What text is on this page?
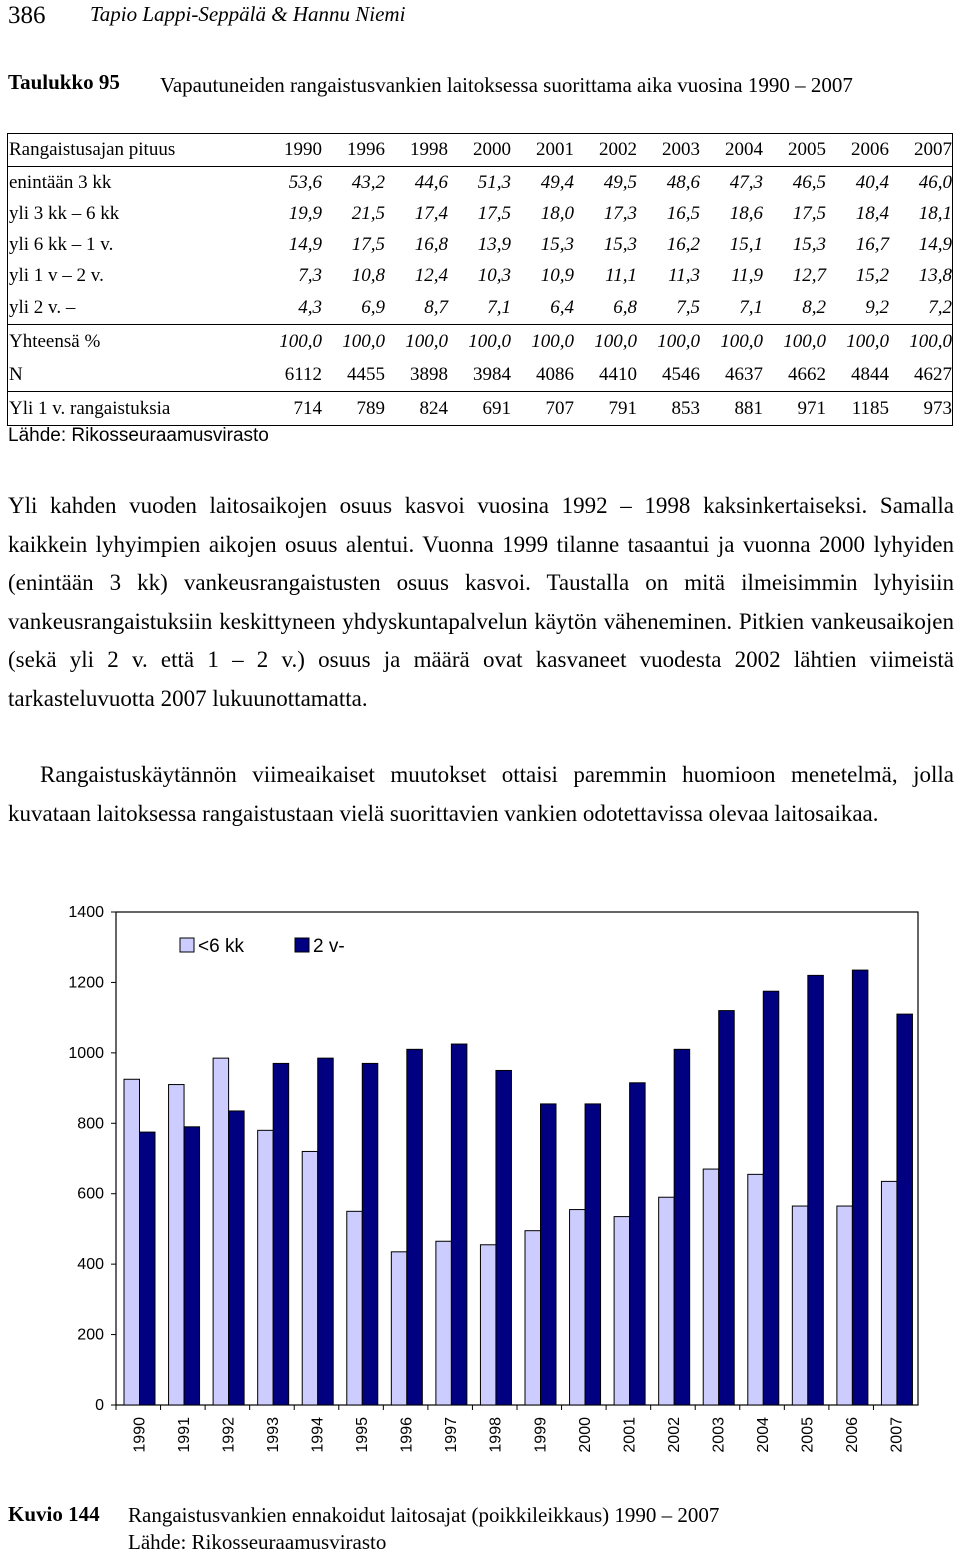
386 Tapio Lappi-Seppälä & Hannu Niemi
Taulukko 95 Vapautuneiden rangaistusvankien laitoksessa suorittama aika vuosina 1990 – 2007
Rangaistusajan pituus	1990	1996	1998	2000	2001	2002	2003	2004	2005	2006	2007
enintään 3 kk	53,6	43,2	44,6	51,3	49,4	49,5	48,6	47,3	46,5	40,4	46,0
yli 3 kk – 6 kk	19,9	21,5	17,4	17,5	18,0	17,3	16,5	18,6	17,5	18,4	18,1
yli 6 kk – 1 v.	14,9	17,5	16,8	13,9	15,3	15,3	16,2	15,1	15,3	16,7	14,9
yli 1 v – 2 v.	7,3	10,8	12,4	10,3	10,9	11,1	11,3	11,9	12,7	15,2	13,8
yli 2 v. –	4,3	6,9	8,7	7,1	6,4	6,8	7,5	7,1	8,2	9,2	7,2
Yhteensä %	100,0	100,0	100,0	100,0	100,0	100,0	100,0	100,0	100,0	100,0	100,0
N	6112	4455	3898	3984	4086	4410	4546	4637	4662	4844	4627
Yli 1 v. rangaistuksia	714	789	824	691	707	791	853	881	971	1185	973
Lähde: Rikosseuraamusvirasto
Yli kahden vuoden laitosaikojen osuus kasvoi vuosina 1992 – 1998 kaksinkertaiseksi. Samalla kaikkein lyhyimpien aikojen osuus alentui. Vuonna 1999 tilanne tasaantui ja vuonna 2000 lyhyiden (enintään 3 kk) vankeusrangaistusten osuus kasvoi. Taustalla on mitä ilmeisimmin lyhyisiin vankeusrangaistuksiin keskittyneen yhdyskuntapalvelun käytön väheneminen. Pitkien vankeusaikojen (sekä yli 2 v. että 1 – 2 v.) osuus ja määrä ovat kasvaneet vuodesta 2002 lähtien viimeistä tarkasteluvuotta 2007 lukuunottamatta.
Rangaistuskäytännön viimeaikaiset muutokset ottaisi paremmin huomioon menetelmä, jolla kuvataan laitoksessa rangaistustaan vielä suorittavien vankien odotettavissa olevaa laitosaikaa.
0
200
400
600
800
1000
1200
1400
1990 1991 1992 1993 1994 1995 1996 1997 1998 1999 2000 2001 2002 2003 2004 2005 2006 2007
<6 kk	2 v-
Kuvio 144 Rangaistusvankien ennakoidut laitosajat (poikkileikkaus) 1990 – 2007
Lähde: Rikosseuraamusvirasto
